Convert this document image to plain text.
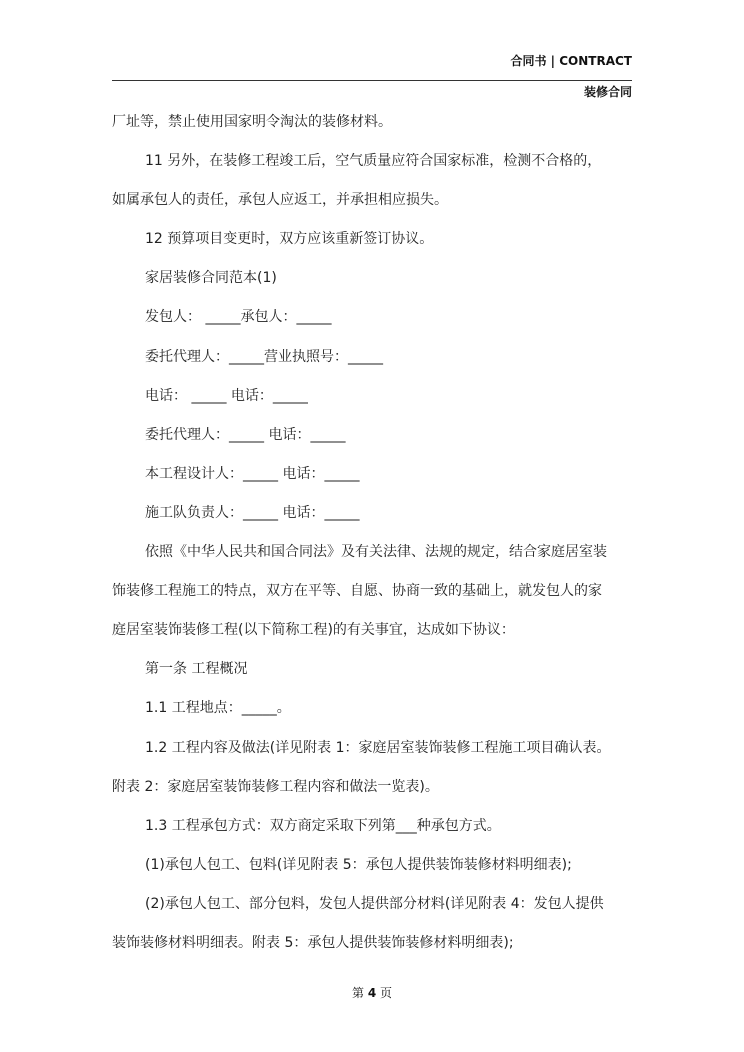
合同书 | CONTRACT
装修合同
厂址等，禁止使用国家明令淘汰的装修材料。
11 另外，在装修工程竣工后，空气质量应符合国家标准，检测不合格的，
如属承包人的责任，承包人应返工，并承担相应损失。
12 预算项目变更时，双方应该重新签订协议。
家居装修合同范本(1)
发包人： _____承包人：_____
委托代理人：_____营业执照号：_____
电话： _____ 电话：_____
委托代理人：_____ 电话：_____
本工程设计人：_____ 电话：_____
施工队负责人：_____ 电话：_____
依照《中华人民共和国合同法》及有关法律、法规的规定，结合家庭居室装
饰装修工程施工的特点，双方在平等、自愿、协商一致的基础上，就发包人的家
庭居室装饰装修工程(以下简称工程)的有关事宜，达成如下协议：
第一条 工程概况
1.1 工程地点：_____。
1.2 工程内容及做法(详见附表 1：家庭居室装饰装修工程施工项目确认表。
附表 2：家庭居室装饰装修工程内容和做法一览表)。
1.3 工程承包方式：双方商定采取下列第___种承包方式。
(1)承包人包工、包料(详见附表 5：承包人提供装饰装修材料明细表);
(2)承包人包工、部分包料，发包人提供部分材料(详见附表 4：发包人提供
装饰装修材料明细表。附表 5：承包人提供装饰装修材料明细表);
第 4 页
